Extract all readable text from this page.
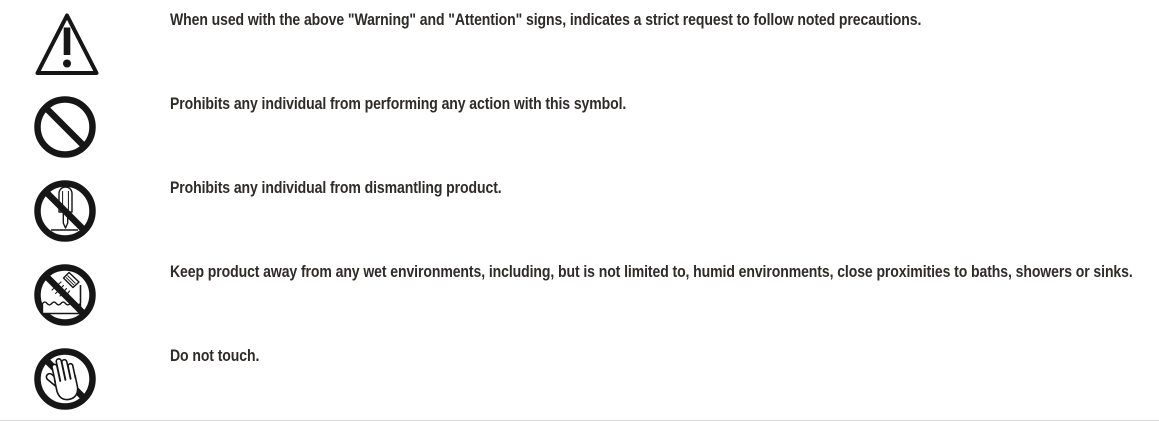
When used with the above "Warning" and "Attention" signs, indicates a strict request to follow noted precautions.
Prohibits any individual from performing any action with this symbol.
Prohibits any individual from dismantling product.
Keep product away from any wet environments, including, but is not limited to, humid environments, close proximities to baths, showers or sinks.
Do not touch.
